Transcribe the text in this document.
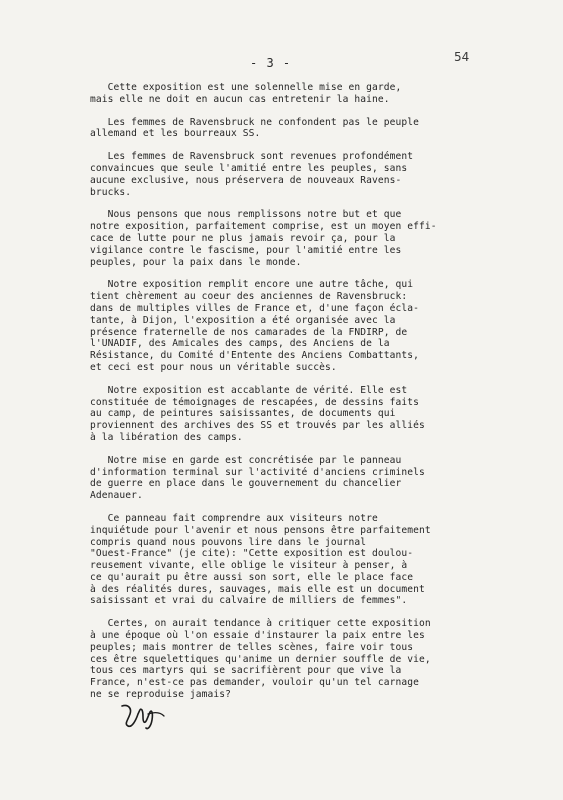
- 3 -	54

Cette exposition est une solennelle mise en garde,
mais elle ne doit en aucun cas entretenir la haine.

Les femmes de Ravensbruck ne confondent pas le peuple
allemand et les bourreaux SS.

Les femmes de Ravensbruck sont revenues profondément
convaincues que seule l'amitié entre les peuples, sans
aucune exclusive, nous préservera de nouveaux Ravens-
brucks.

Nous pensons que nous remplissons notre but et que
notre exposition, parfaitement comprise, est un moyen effi-
cace de lutte pour ne plus jamais revoir ça, pour la
vigilance contre le fascisme, pour l'amitié entre les
peuples, pour la paix dans le monde.

Notre exposition remplit encore une autre tâche, qui
tient chèrement au coeur des anciennes de Ravensbruck:
dans de multiples villes de France et, d'une façon écla-
tante, à Dijon, l'exposition a été organisée avec la
présence fraternelle de nos camarades de la FNDIRP, de
l'UNADIF, des Amicales des camps, des Anciens de la
Résistance, du Comité d'Entente des Anciens Combattants,
et ceci est pour nous un véritable succès.

Notre exposition est accablante de vérité. Elle est
constituée de témoignages de rescapées, de dessins faits
au camp, de peintures saisissantes, de documents qui
proviennent des archives des SS et trouvés par les alliés
à la libération des camps.

Notre mise en garde est concrétisée par le panneau
d'information terminal sur l'activité d'anciens criminels
de guerre en place dans le gouvernement du chancelier
Adenauer.

Ce panneau fait comprendre aux visiteurs notre
inquiétude pour l'avenir et nous pensons être parfaitement
compris quand nous pouvons lire dans le journal
"Ouest-France" (je cite): "Cette exposition est doulou-
reusement vivante, elle oblige le visiteur à penser, à
ce qu'aurait pu être aussi son sort, elle le place face
à des réalités dures, sauvages, mais elle est un document
saisissant et vrai du calvaire de milliers de femmes".

Certes, on aurait tendance à critiquer cette exposition
à une époque où l'on essaie d'instaurer la paix entre les
peuples; mais montrer de telles scènes, faire voir tous
ces être squelettiques qu'anime un dernier souffle de vie,
tous ces martyrs qui se sacrifièrent pour que vive la
France, n'est-ce pas demander, vouloir qu'un tel carnage
ne se reproduise jamais?
